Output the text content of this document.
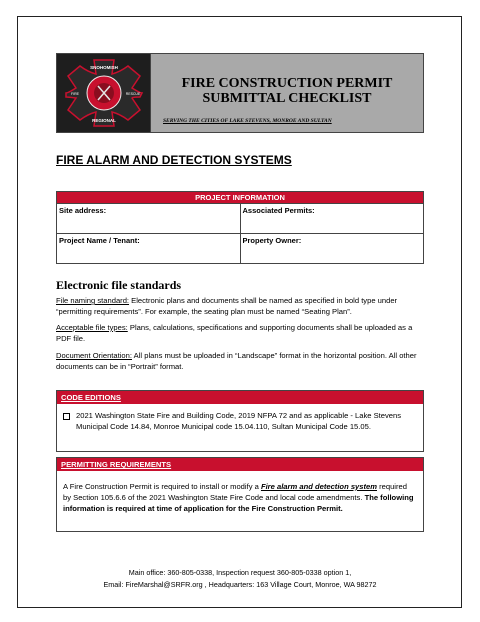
SNOHOMISH
REGIONAL
FIRE	RESCUE
FIRE CONSTRUCTION PERMIT
SUBMITTAL CHECKLIST
SERVING THE CITIES OF LAKE STEVENS, MONROE AND SULTAN
FIRE ALARM AND DETECTION SYSTEMS
PROJECT INFORMATION	
Site address:	Associated Permits:
Project Name / Tenant:	Property Owner:
Electronic file standards
File naming standard: Electronic plans and documents shall be named as specified in bold type under “permitting requirements”. For example, the seating plan must be named “Seating Plan”.
Acceptable file types: Plans, calculations, specifications and supporting documents shall be uploaded as a PDF file.
Document Orientation: All plans must be uploaded in “Landscape” format in the horizontal position. All other documents can be in “Portrait” format.
CODE EDITIONS
2021 Washington State Fire and Building Code, 2019 NFPA 72 and as applicable - Lake Stevens Municipal Code 14.84, Monroe Municipal code 15.04.110, Sultan Municipal Code 15.05.
PERMITTING REQUIREMENTS
A Fire Construction Permit is required to install or modify a Fire alarm and detection system required by Section 105.6.6 of the 2021 Washington State Fire Code and local code amendments. The following information is required at time of application for the Fire Construction Permit.
Main office: 360-805-0338, Inspection request 360-805-0338 option 1,
Email: FireMarshal@SRFR.org , Headquarters: 163 Village Court, Monroe, WA 98272
